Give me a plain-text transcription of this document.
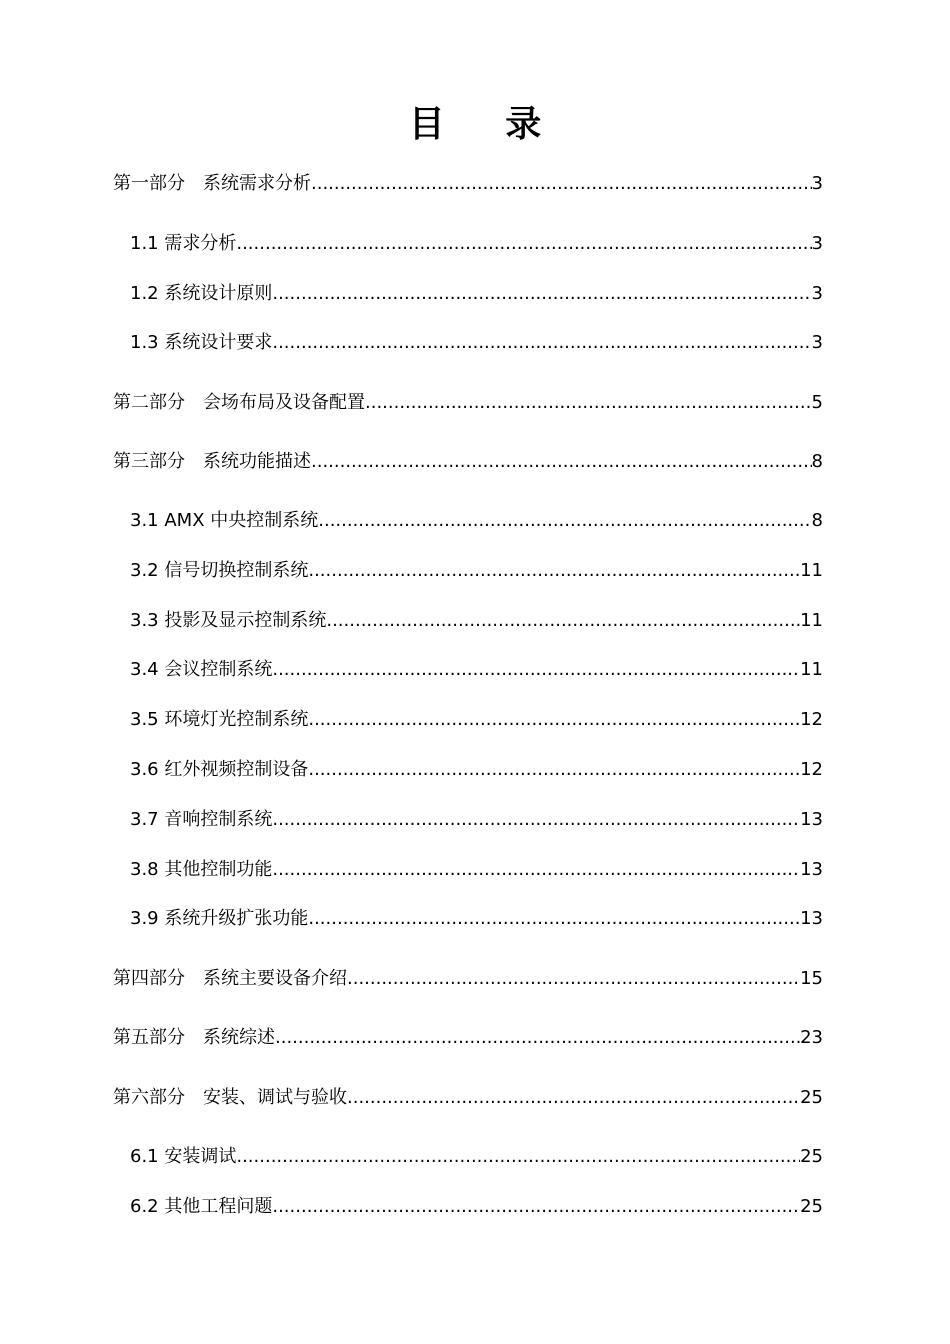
目 录
第一部分　系统需求分析 .....	3
1.1 需求分析 .....	3
1.2 系统设计原则 .....	3
1.3 系统设计要求 .....	3
第二部分　会场布局及设备配置 .....	5
第三部分　系统功能描述 .....	8
3.1 AMX 中央控制系统 .....	8
3.2 信号切换控制系统 .....	11
3.3 投影及显示控制系统 .....	11
3.4 会议控制系统 .....	11
3.5 环境灯光控制系统 .....	12
3.6 红外视频控制设备 .....	12
3.7 音响控制系统 .....	13
3.8 其他控制功能 .....	13
3.9 系统升级扩张功能 .....	13
第四部分　系统主要设备介绍 .....	15
第五部分　系统综述 .....	23
第六部分　安装、调试与验收 .....	25
6.1 安装调试 .....	25
6.2 其他工程问题 .....	25
